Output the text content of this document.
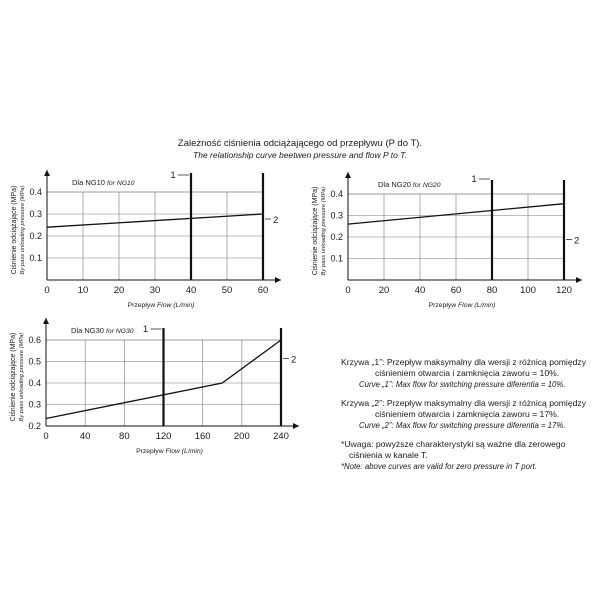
Zależność ciśnienia odciążającego od przepływu (P do T).
The relationship curve beetwen pressure and flow P to T.
0	10	20	30	40	50	60
0.1
0.2
0.3
0.4
1
2
Dla NG10 for NG10
Przepływ Flow (L/min)
Ciśnienie odciążające (MPa) By pass unloading pressure (MPa)
0	20	40	60	80 100 120
0.1
0.2
0.3
0.4
1
2
Dla NG20 for NG20
Przepływ Flow (L/min)
Ciśnienie odciążające (MPa) By pass unloading pressure (MPa)
0	40	80	120 160 200 240
0.2
0.3
0.4
0.5
0.6
1
2
Dla NG30 for NG30
Przepływ Flow (L/min)
Ciśnienie odciążające (MPa) By pass unloading pressure (MPa)	Krzywa „1”: Przepływ maksymalny dla wersji z różnicą pomiędzy

ciśnieniem otwarcia i zamknięcia zaworu = 10%.

Curve „1”: Max flow for switching pressure diferentia = 10%.

Krzywa „2”: Przepływ maksymalny dla wersji z różnicą pomiędzy

ciśnieniem otwarcia i zamknięcia zaworu = 17%.

Curve „2”: Max flow for switching pressure diferentia = 17%.

*Uwaga: powyższe charakterystyki są ważne dla zerowego

ciśnienia w kanale T.

*Note: above curves are valid for zero pressure in T port.
